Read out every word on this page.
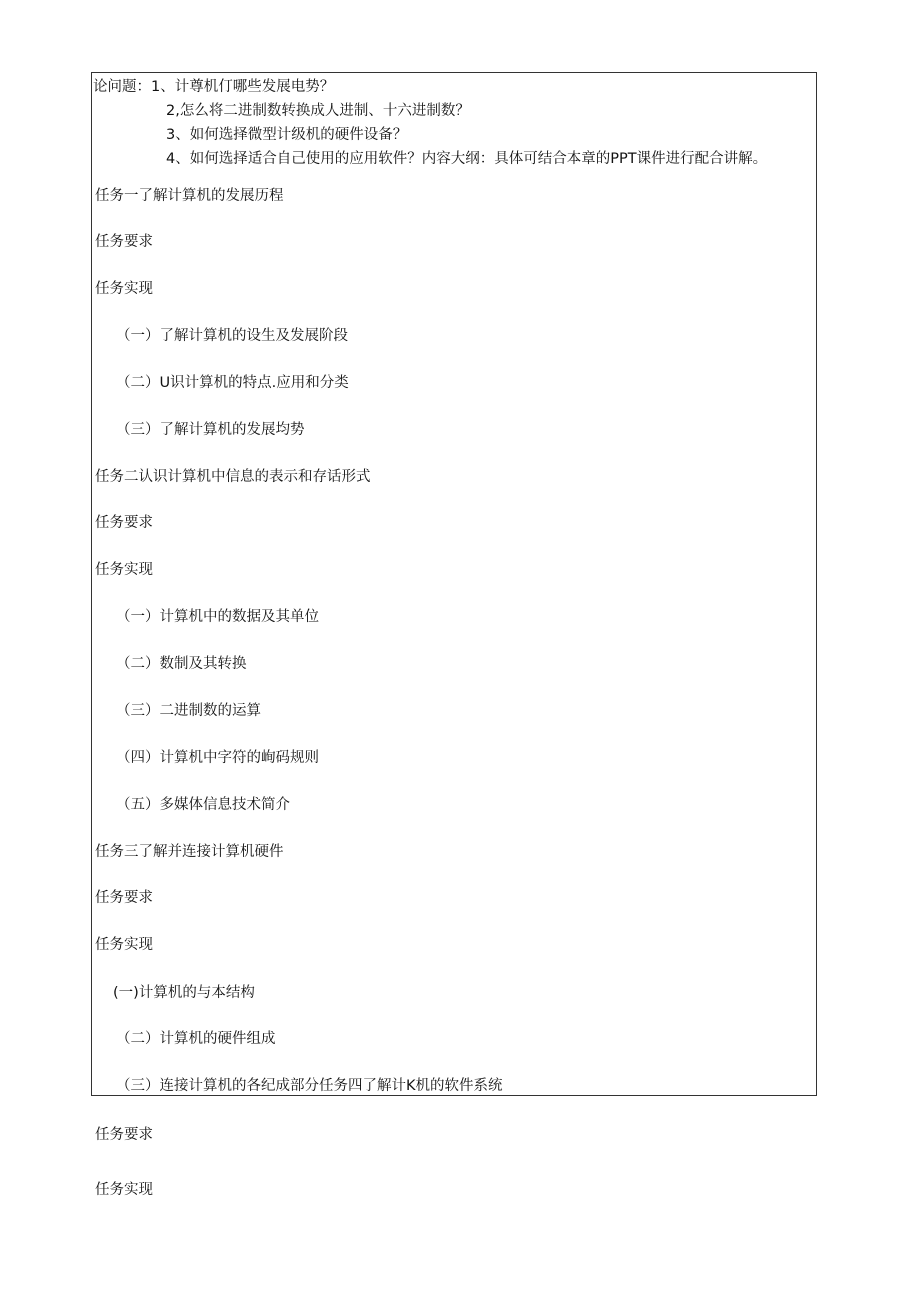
论问题：1、计尊机仃哪些发展电势？
2,怎么将二进制数转换成人进制、十六进制数？
3、如何选择微型计级机的硬件设备？
4、如何选择适合自己使用的应用软件？内容大纲：具体可结合本章的PPT课件进行配合讲解。
任务一了解计算机的发展历程
任务要求
任务实现
（一）了解计算机的设生及发展阶段
（二）U识计算机的特点.应用和分类
（三）了解计算机的发展均势
任务二认识计算机中信息的表示和存话形式
任务要求
任务实现
（一）计算机中的数据及其单位
（二）数制及其转换
（三）二进制数的运算
（四）计算机中字符的峋码规则
（五）多媒体信息技术简介
任务三了解并连接计算机硬件
任务要求
任务实现
(一)计算机的与本结构
（二）计算机的硬件组成
（三）连接计算机的各纪成部分任务四了解计K机的软件系统
任务要求
任务实现
